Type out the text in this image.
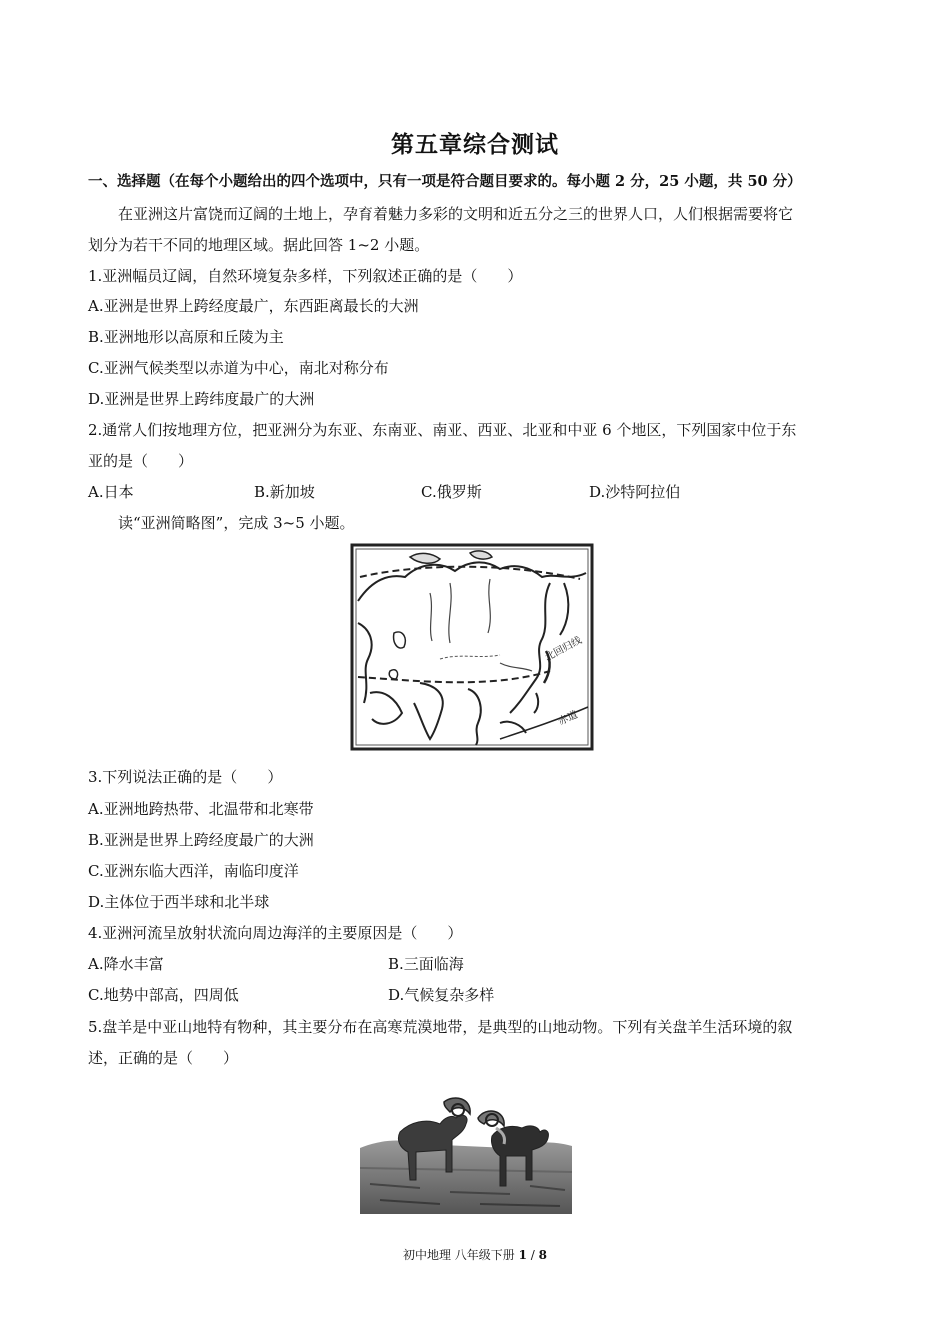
第五章综合测试
一、选择题（在每个小题给出的四个选项中，只有一项是符合题目要求的。每小题 2 分，25 小题，共 50 分）
在亚洲这片富饶而辽阔的土地上，孕育着魅力多彩的文明和近五分之三的世界人口，人们根据需要将它
划分为若干不同的地理区域。据此回答 1~2 小题。
1.亚洲幅员辽阔，自然环境复杂多样，下列叙述正确的是（　　）
A.亚洲是世界上跨经度最广，东西距离最长的大洲
B.亚洲地形以高原和丘陵为主
C.亚洲气候类型以赤道为中心，南北对称分布
D.亚洲是世界上跨纬度最广的大洲
2.通常人们按地理方位，把亚洲分为东亚、东南亚、南亚、西亚、北亚和中亚 6 个地区，下列国家中位于东
亚的是（　　）
A.日本	B.新加坡	C.俄罗斯	D.沙特阿拉伯
读“亚洲简略图”，完成 3~5 小题。
北回归线
赤道
3.下列说法正确的是（　　）
A.亚洲地跨热带、北温带和北寒带
B.亚洲是世界上跨经度最广的大洲
C.亚洲东临大西洋，南临印度洋
D.主体位于西半球和北半球
4.亚洲河流呈放射状流向周边海洋的主要原因是（　　）
A.降水丰富	B.三面临海
C.地势中部高，四周低	D.气候复杂多样
5.盘羊是中亚山地特有物种，其主要分布在高寒荒漠地带，是典型的山地动物。下列有关盘羊生活环境的叙
述，正确的是（　　）
初中地理 八年级下册 1 / 8
